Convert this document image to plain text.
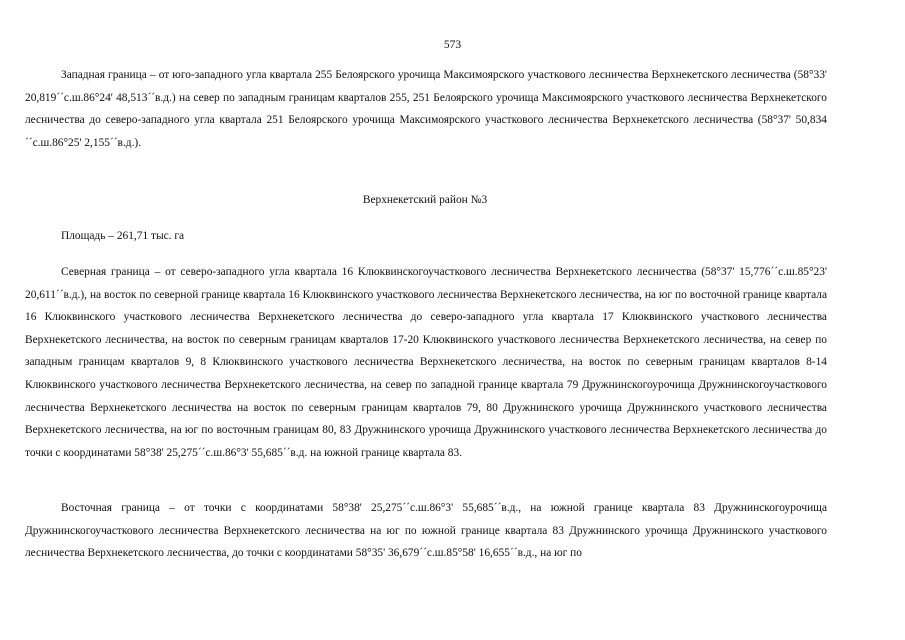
573

Западная граница – от юго-западного угла квартала 255 Белоярского урочища Максимоярского участкового лесничества Верхнекетского лесничества (58°33' 20,819´´с.ш.86°24' 48,513´´в.д.) на север по западным границам кварталов 255, 251 Белоярского урочища Максимоярского участкового лесничества Верхнекетского лесничества до северо-западного угла квартала 251 Белоярского урочища Максимоярского участкового лесничества Верхнекетского лесничества (58°37' 50,834´´с.ш.86°25' 2,155´´в.д.).

Верхнекетский район №3

Площадь – 261,71 тыс. га

Северная граница – от северо-западного угла квартала 16 Клюквинскогоучасткового лесничества Верхнекетского лесничества (58°37' 15,776´´с.ш.85°23' 20,611´´в.д.), на восток по северной границе квартала 16 Клюквинского участкового лесничества Верхнекетского лесничества, на юг по восточной границе квартала 16 Клюквинского участкового лесничества Верхнекетского лесничества до северо-западного угла квартала 17 Клюквинского участкового лесничества Верхнекетского лесничества, на восток по северным границам кварталов 17-20 Клюквинского участкового лесничества Верхнекетского лесничества, на север по западным границам кварталов 9, 8 Клюквинского участкового лесничества Верхнекетского лесничества, на восток по северным границам кварталов 8-14 Клюквинского участкового лесничества Верхнекетского лесничества, на север по западной границе квартала 79 Дружнинскогоурочища Дружнинскогоучасткового лесничества Верхнекетского лесничества на восток по северным границам кварталов 79, 80 Дружнинского урочища Дружнинского участкового лесничества Верхнекетского лесничества, на юг по восточным границам 80, 83 Дружнинского урочища Дружнинского участкового лесничества Верхнекетского лесничества до точки с координатами 58°38' 25,275´´с.ш.86°3' 55,685´´в.д. на южной границе квартала 83.

Восточная граница – от точки с координатами 58°38' 25,275´´с.ш.86°3' 55,685´´в.д., на южной границе квартала 83 Дружнинскогоурочища Дружнинскогоучасткового лесничества Верхнекетского лесничества на юг по южной границе квартала 83 Дружнинского урочища Дружнинского участкового лесничества Верхнекетского лесничества, до точки с координатами 58°35' 36,679´´с.ш.85°58' 16,655´´в.д., на юг по
